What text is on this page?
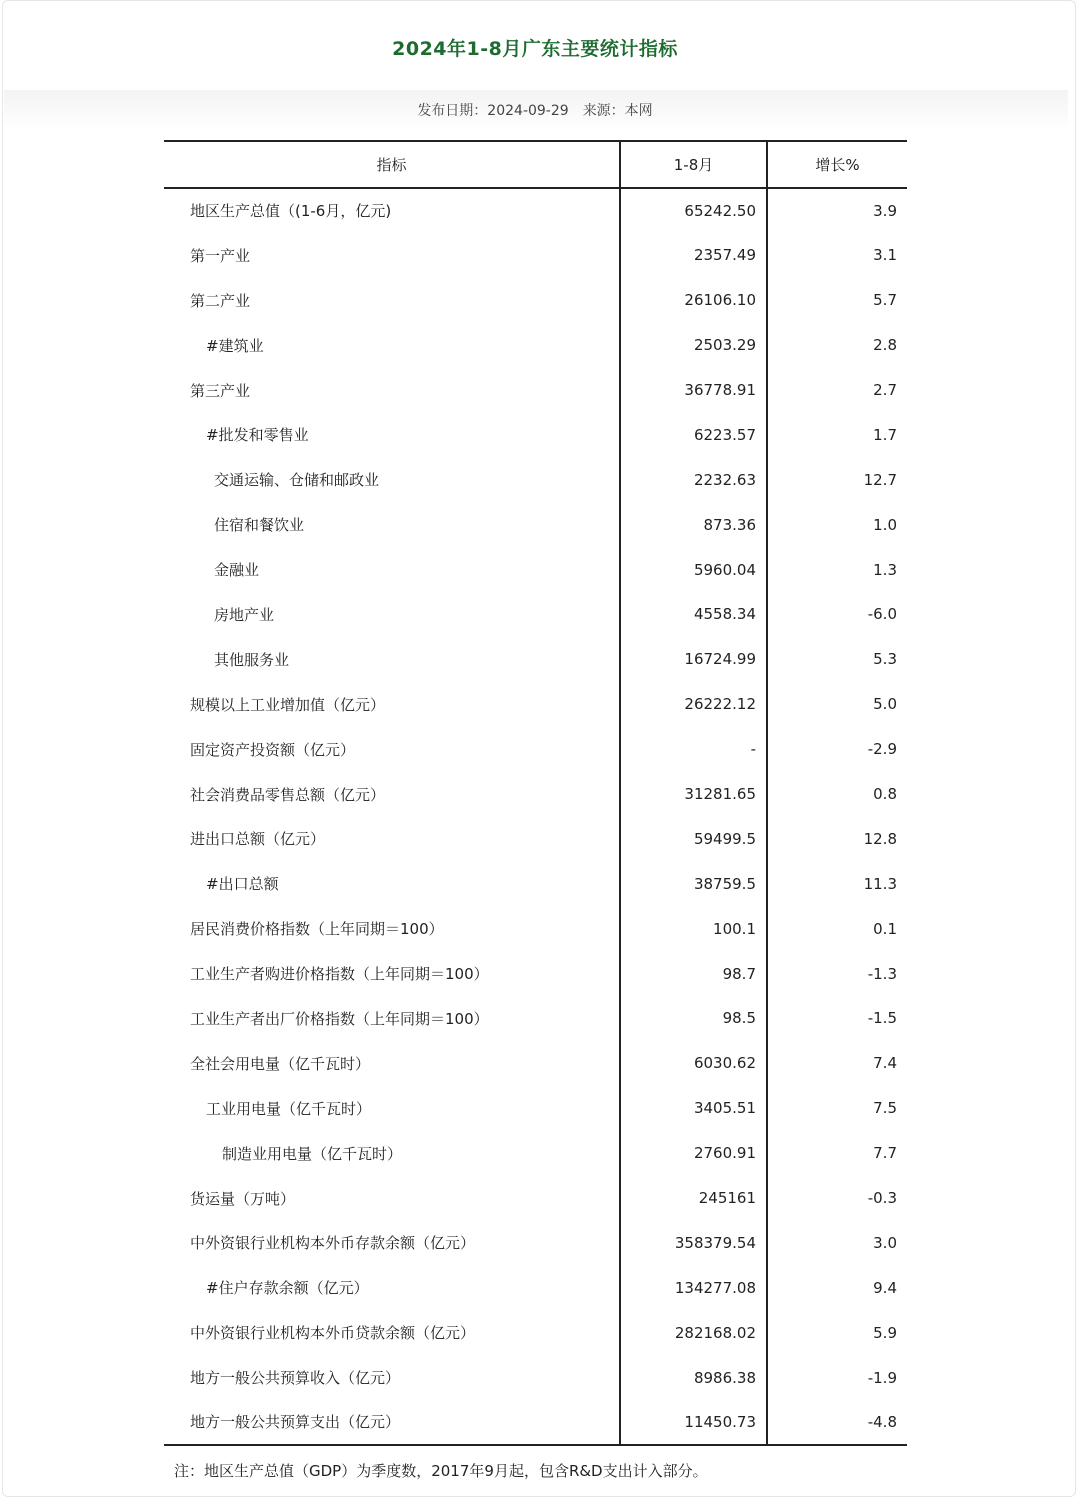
2024年1-8月广东主要统计指标
发布日期：2024-09-29 来源：本网
指标	1-8月	增长%
地区生产总值（(1-6月，亿元)	65242.50	3.9
第一产业	2357.49	3.1
第二产业	26106.10	5.7
#建筑业	2503.29	2.8
第三产业	36778.91	2.7
#批发和零售业	6223.57	1.7
交通运输、仓储和邮政业	2232.63	12.7
住宿和餐饮业	873.36	1.0
金融业	5960.04	1.3
房地产业	4558.34	-6.0
其他服务业	16724.99	5.3
规模以上工业增加值（亿元）	26222.12	5.0
固定资产投资额（亿元）	-	-2.9
社会消费品零售总额（亿元）	31281.65	0.8
进出口总额（亿元）	59499.5	12.8
#出口总额	38759.5	11.3
居民消费价格指数（上年同期＝100）	100.1	0.1
工业生产者购进价格指数（上年同期＝100）	98.7	-1.3
工业生产者出厂价格指数（上年同期＝100）	98.5	-1.5
全社会用电量（亿千瓦时）	6030.62	7.4
工业用电量（亿千瓦时）	3405.51	7.5
制造业用电量（亿千瓦时）	2760.91	7.7
货运量（万吨）	245161	-0.3
中外资银行业机构本外币存款余额（亿元）	358379.54	3.0
#住户存款余额（亿元）	134277.08	9.4
中外资银行业机构本外币贷款余额（亿元）	282168.02	5.9
地方一般公共预算收入（亿元）	8986.38	-1.9
地方一般公共预算支出（亿元）	11450.73	-4.8
注：地区生产总值（GDP）为季度数，2017年9月起，包含R&D支出计入部分。
